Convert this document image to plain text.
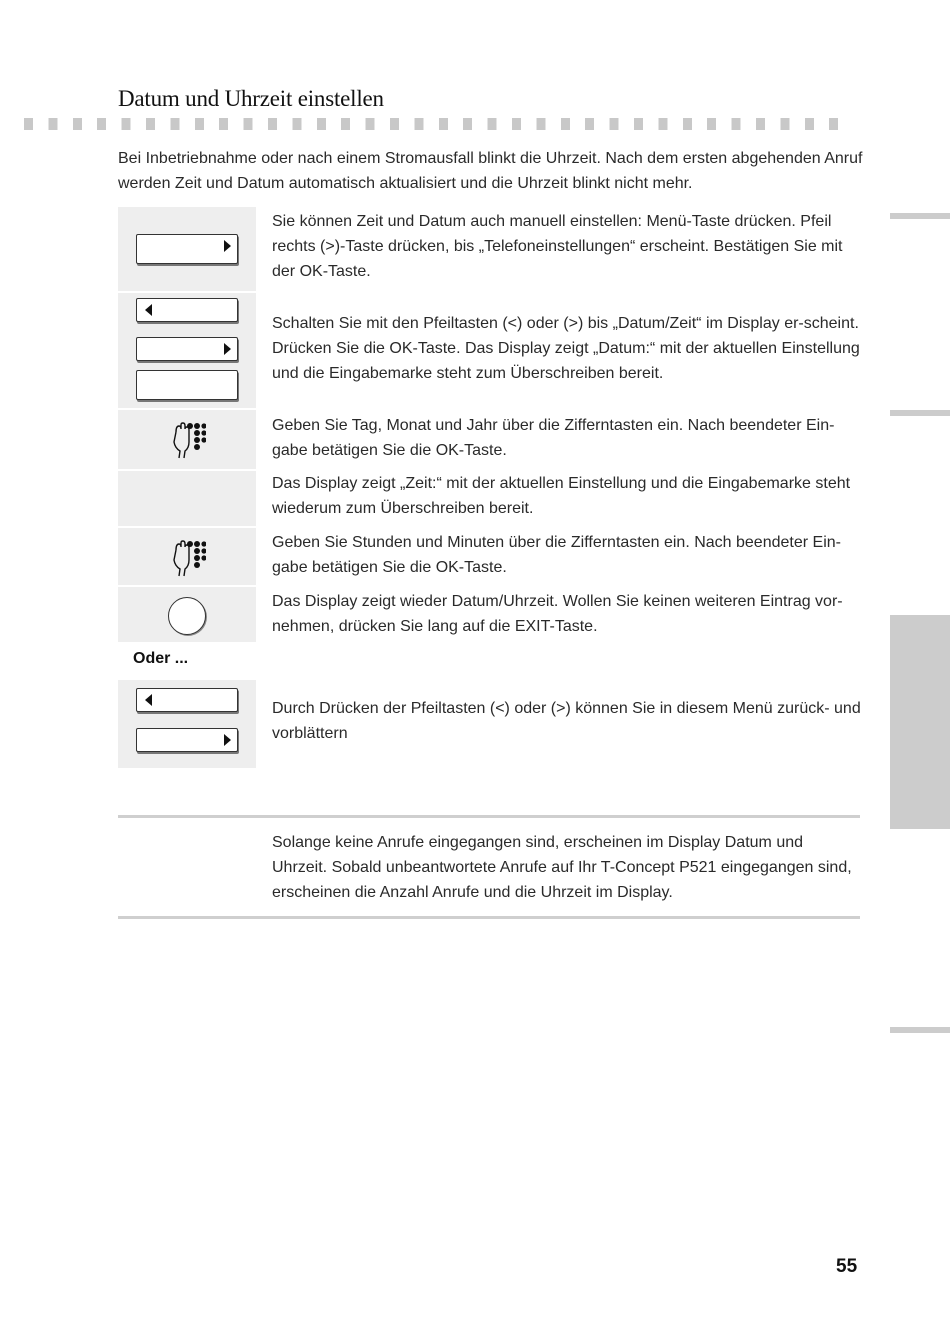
Datum und Uhrzeit einstellen
Bei Inbetriebnahme oder nach einem Stromausfall blinkt die Uhrzeit. Nach dem ersten abgehenden Anruf werden Zeit und Datum automatisch aktualisiert und die Uhrzeit blinkt nicht mehr.
Oder ...
Sie können Zeit und Datum auch manuell einstellen: Menü-Taste drücken. Pfeil rechts (>)-Taste drücken, bis „Telefoneinstellungen“ erscheint. Bestätigen Sie mit der OK-Taste.
Schalten Sie mit den Pfeiltasten (<) oder (>) bis „Datum/Zeit“ im Display er-scheint. Drücken Sie die OK-Taste. Das Display zeigt „Datum:“ mit der aktuellen Einstellung und die Eingabemarke steht zum Überschreiben bereit.
Geben Sie Tag, Monat und Jahr über die Zifferntasten ein. Nach beendeter Ein-gabe betätigen Sie die OK-Taste.
Das Display zeigt „Zeit:“ mit der aktuellen Einstellung und die Eingabemarke steht wiederum zum Überschreiben bereit.
Geben Sie Stunden und Minuten über die Zifferntasten ein. Nach beendeter Ein-gabe betätigen Sie die OK-Taste.
Das Display zeigt wieder Datum/Uhrzeit. Wollen Sie keinen weiteren Eintrag vor-nehmen, drücken Sie lang auf die EXIT-Taste.
Durch Drücken der Pfeiltasten (<) oder (>) können Sie in diesem Menü zurück- und vorblättern
Solange keine Anrufe eingegangen sind, erscheinen im Display Datum und Uhrzeit. Sobald unbeantwortete Anrufe auf Ihr T-Concept P521 eingegangen sind, erscheinen die Anzahl Anrufe und die Uhrzeit im Display.
55
